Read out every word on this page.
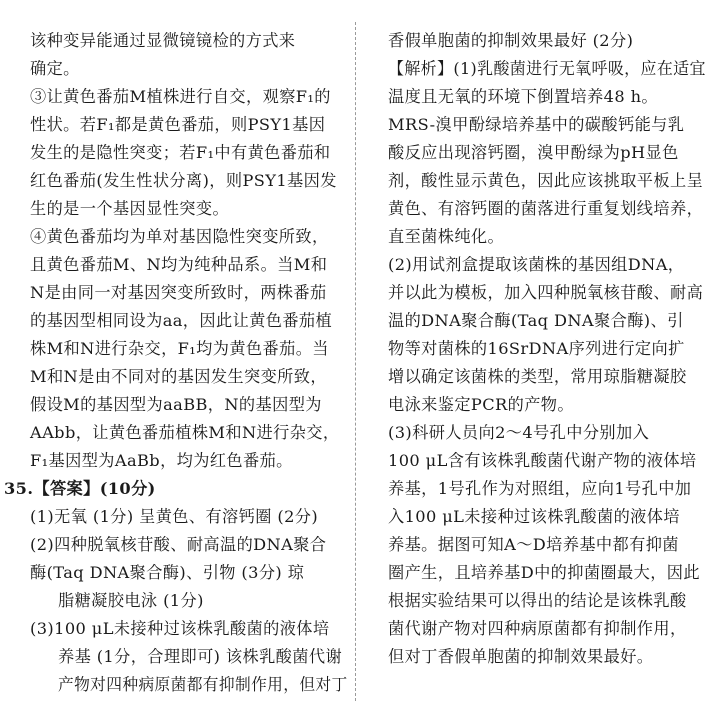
该种变异能通过显微镜镜检的方式来
确定。
③让黄色番茄M植株进行自交，观察F₁的
性状。若F₁都是黄色番茄，则PSY1基因
发生的是隐性突变；若F₁中有黄色番茄和
红色番茄(发生性状分离)，则PSY1基因发
生的是一个基因显性突变。
④黄色番茄均为单对基因隐性突变所致，
且黄色番茄M、N均为纯种品系。当M和
N是由同一对基因突变所致时，两株番茄
的基因型相同设为aa，因此让黄色番茄植
株M和N进行杂交，F₁均为黄色番茄。当
M和N是由不同对的基因发生突变所致，
假设M的基因型为aaBB，N的基因型为
AAbb，让黄色番茄植株M和N进行杂交，
F₁基因型为AaBb，均为红色番茄。
35.【答案】(10分)
(1)无氧 (1分) 呈黄色、有溶钙圈 (2分)
(2)四种脱氧核苷酸、耐高温的DNA聚合
酶(Taq DNA聚合酶)、引物 (3分) 琼
脂糖凝胶电泳 (1分)
(3)100 μL未接种过该株乳酸菌的液体培
养基 (1分，合理即可) 该株乳酸菌代谢
产物对四种病原菌都有抑制作用，但对丁
香假单胞菌的抑制效果最好 (2分)
【解析】(1)乳酸菌进行无氧呼吸，应在适宜
温度且无氧的环境下倒置培养48 h。
MRS-溴甲酚绿培养基中的碳酸钙能与乳
酸反应出现溶钙圈，溴甲酚绿为pH显色
剂，酸性显示黄色，因此应该挑取平板上呈
黄色、有溶钙圈的菌落进行重复划线培养，
直至菌株纯化。
(2)用试剂盒提取该菌株的基因组DNA，
并以此为模板，加入四种脱氧核苷酸、耐高
温的DNA聚合酶(Taq DNA聚合酶)、引
物等对菌株的16SrDNA序列进行定向扩
增以确定该菌株的类型，常用琼脂糖凝胶
电泳来鉴定PCR的产物。
(3)科研人员向2～4号孔中分别加入
100 μL含有该株乳酸菌代谢产物的液体培
养基，1号孔作为对照组，应向1号孔中加
入100 μL未接种过该株乳酸菌的液体培
养基。据图可知A～D培养基中都有抑菌
圈产生，且培养基D中的抑菌圈最大，因此
根据实验结果可以得出的结论是该株乳酸
菌代谢产物对四种病原菌都有抑制作用，
但对丁香假单胞菌的抑制效果最好。
